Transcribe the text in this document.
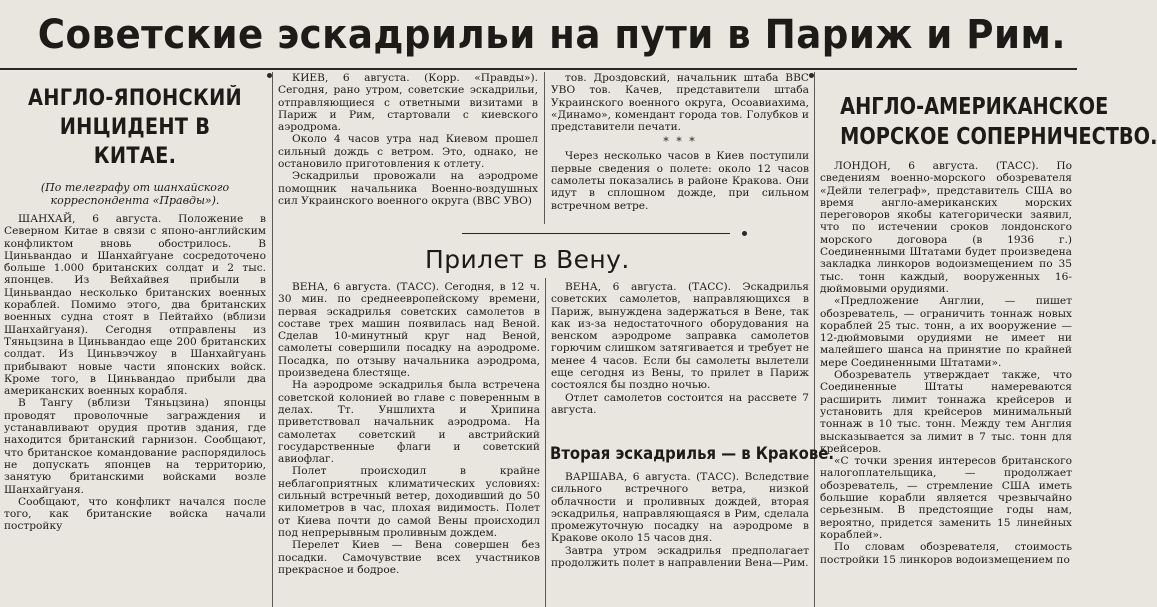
Советские эскадрильи на пути в Париж и Рим.
АНГЛО-ЯПОНСКИЙ
ИНЦИДЕНТ В КИТАЕ.

(По телеграфу от шанхайского

корреспондента «Правды»).

ШАНХАЙ, 6 августа. Положение в Северном Китае в связи с японо-английским конфликтом вновь обострилось. В Циньвандао и Шанхайгуане сосредоточено больше 1.000 британских солдат и 2 тыс. японцев. Из Вейхайвея прибыли в Циньвандао несколько британских военных кораблей. Помимо этого, два британских военных судна стоят в Пейтайхо (вблизи Шанхайгуаня). Сегодня отправлены из Тяньцзина в Циньвандао еще 200 британских солдат. Из Циньвэчжоу в Шанхайгуань прибывают новые части японских войск. Кроме того, в Циньвандао прибыли два американских военных корабля.

В Тангу (вблизи Тяньцзина) японцы проводят проволочные заграждения и устанавливают орудия против здания, где находится британский гарнизон. Сообщают, что британское командование распорядилось не допускать японцев на территорию, занятую британскими войсками возле Шанхайгуаня.

Сообщают, что конфликт начался после того, как британские войска начали постройку

КИЕВ, 6 августа. (Корр. «Правды»). Сегодня, рано утром, советские эскадрильи, отправляющиеся с ответными визитами в Париж и Рим, стартовали с киевского аэродрома.

Около 4 часов утра над Киевом прошел сильный дождь с ветром. Это, однако, не остановило приготовления к отлету.

Эскадрильи провожали на аэродроме помощник начальника Военно-воздушных сил Украинского военного округа (ВВС УВО)

тов. Дроздовский, начальник штаба ВВС УВО тов. Качев, представители штаба Украинского военного округа, Осоавиахима, «Динамо», комендант города тов. Голубков и представители печати.

* * *

Через несколько часов в Киев поступили первые сведения о полете: около 12 часов самолеты показались в районе Кракова. Они идут в сплошном дожде, при сильном встречном ветре.

Прилет в Вену.

ВЕНА, 6 августа. (ТАСС). Сегодня, в 12 ч. 30 мин. по среднеевропейскому времени, первая эскадрилья советских самолетов в составе трех машин появилась над Веной. Сделав 10-минутный круг над Веной, самолеты совершили посадку на аэродроме. Посадка, по отзыву начальника аэродрома, произведена блестяще.

На аэродроме эскадрилья была встречена советской колонией во главе с поверенным в делах. Тт. Уншлихта и Хрипина приветствовал начальник аэродрома. На самолетах советский и австрийский государственные флаги и советский авиофлаг.

Полет происходил в крайне неблагоприятных климатических условиях: сильный встречный ветер, доходивший до 50 километров в час, плохая видимость. Полет от Киева почти до самой Вены происходил под непрерывным проливным дождем.

Перелет Киев — Вена совершен без посадки. Самочувствие всех участников прекрасное и бодрое.

ВЕНА, 6 августа. (ТАСС). Эскадрилья советских самолетов, направляющихся в Париж, вынуждена задержаться в Вене, так как из-за недостаточного оборудования на венском аэродроме заправка самолетов горючим слишком затягивается и требует не менее 4 часов. Если бы самолеты вылетели еще сегодня из Вены, то прилет в Париж состоялся бы поздно ночью.

Отлет самолетов состоится на рассвете 7 августа.

Вторая эскадрилья — в Кракове.

ВАРШАВА, 6 августа. (ТАСС). Вследствие сильного встречного ветра, низкой облачности и проливных дождей, вторая эскадрилья, направляющаяся в Рим, сделала промежуточную посадку на аэродроме в Кракове около 15 часов дня.

Завтра утром эскадрилья предполагает продолжить полет в направлении Вена—Рим.

АНГЛО-АМЕРИКАНСКОЕ
МОРСКОЕ СОПЕРНИЧЕСТВО.

ЛОНДОН, 6 августа. (ТАСС). По сведениям военно-морского обозревателя «Дейли телеграф», представитель США во время англо-американских морских переговоров якобы категорически заявил, что по истечении сроков лондонского морского договора (в 1936 г.) Соединенными Штатами будет произведена закладка линкоров водоизмещением по 35 тыс. тонн каждый, вооруженных 16-дюймовыми орудиями.

«Предложение Англии, — пишет обозреватель, — ограничить тоннаж новых кораблей 25 тыс. тонн, а их вооружение — 12-дюймовыми орудиями не имеет ни малейшего шанса на принятие по крайней мере Соединенными Штатами».

Обозреватель утверждает также, что Соединенные Штаты намереваются расширить лимит тоннажа крейсеров и установить для крейсеров минимальный тоннаж в 10 тыс. тонн. Между тем Англия высказывается за лимит в 7 тыс. тонн для крейсеров.

«С точки зрения интересов британского налогоплательщика, — продолжает обозреватель, — стремление США иметь большие корабли является чрезвычайно серьезным. В предстоящие годы нам, вероятно, придется заменить 15 линейных кораблей».

По словам обозревателя, стоимость постройки 15 линкоров водоизмещением по
